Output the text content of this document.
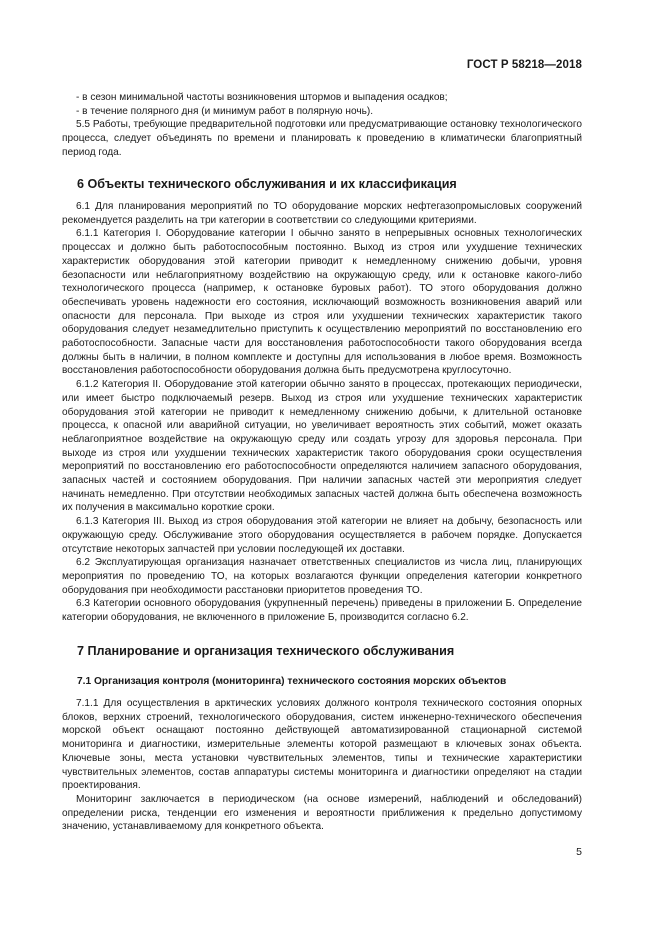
ГОСТ Р 58218—2018

- в сезон минимальной частоты возникновения штормов и выпадения осадков;

- в течение полярного дня (и минимум работ в полярную ночь).

5.5 Работы, требующие предварительной подготовки или предусматривающие остановку технологического процесса, следует объединять по времени и планировать к проведению в климатически благоприятный период года.

6 Объекты технического обслуживания и их классификация

6.1 Для планирования мероприятий по ТО оборудование морских нефтегазопромысловых сооружений рекомендуется разделить на три категории в соответствии со следующими критериями.

6.1.1 Категория I. Оборудование категории I обычно занято в непрерывных основных технологических процессах и должно быть работоспособным постоянно. Выход из строя или ухудшение технических характеристик оборудования этой категории приводит к немедленному снижению добычи, уровня безопасности или неблагоприятному воздействию на окружающую среду, или к остановке какого-либо технологического процесса (например, к остановке буровых работ). ТО этого оборудования должно обеспечивать уровень надежности его состояния, исключающий возможность возникновения аварий или опасности для персонала. При выходе из строя или ухудшении технических характеристик такого оборудования следует незамедлительно приступить к осуществлению мероприятий по восстановлению его работоспособности. Запасные части для восстановления работоспособности такого оборудования всегда должны быть в наличии, в полном комплекте и доступны для использования в любое время. Возможность восстановления работоспособности оборудования должна быть предусмотрена круглосуточно.

6.1.2 Категория II. Оборудование этой категории обычно занято в процессах, протекающих периодически, или имеет быстро подключаемый резерв. Выход из строя или ухудшение технических характеристик оборудования этой категории не приводит к немедленному снижению добычи, к длительной остановке процесса, к опасной или аварийной ситуации, но увеличивает вероятность этих событий, может оказать неблагоприятное воздействие на окружающую среду или создать угрозу для здоровья персонала. При выходе из строя или ухудшении технических характеристик такого оборудования сроки осуществления мероприятий по восстановлению его работоспособности определяются наличием запасного оборудования, запасных частей и состоянием оборудования. При наличии запасных частей эти мероприятия следует начинать немедленно. При отсутствии необходимых запасных частей должна быть обеспечена возможность их получения в максимально короткие сроки.

6.1.3 Категория III. Выход из строя оборудования этой категории не влияет на добычу, безопасность или окружающую среду. Обслуживание этого оборудования осуществляется в рабочем порядке. Допускается отсутствие некоторых запчастей при условии последующей их доставки.

6.2 Эксплуатирующая организация назначает ответственных специалистов из числа лиц, планирующих мероприятия по проведению ТО, на которых возлагаются функции определения категории конкретного оборудования при необходимости расстановки приоритетов проведения ТО.

6.3 Категории основного оборудования (укрупненный перечень) приведены в приложении Б. Определение категории оборудования, не включенного в приложение Б, производится согласно 6.2.

7 Планирование и организация технического обслуживания
7.1 Организация контроля (мониторинга) технического состояния морских объектов

7.1.1 Для осуществления в арктических условиях должного контроля технического состояния опорных блоков, верхних строений, технологического оборудования, систем инженерно-технического обеспечения морской объект оснащают постоянно действующей автоматизированной стационарной системой мониторинга и диагностики, измерительные элементы которой размещают в ключевых зонах объекта. Ключевые зоны, места установки чувствительных элементов, типы и технические характеристики чувствительных элементов, состав аппаратуры системы мониторинга и диагностики определяют на стадии проектирования.

Мониторинг заключается в периодическом (на основе измерений, наблюдений и обследований) определении риска, тенденции его изменения и вероятности приближения к предельно допустимому значению, устанавливаемому для конкретного объекта.

5
